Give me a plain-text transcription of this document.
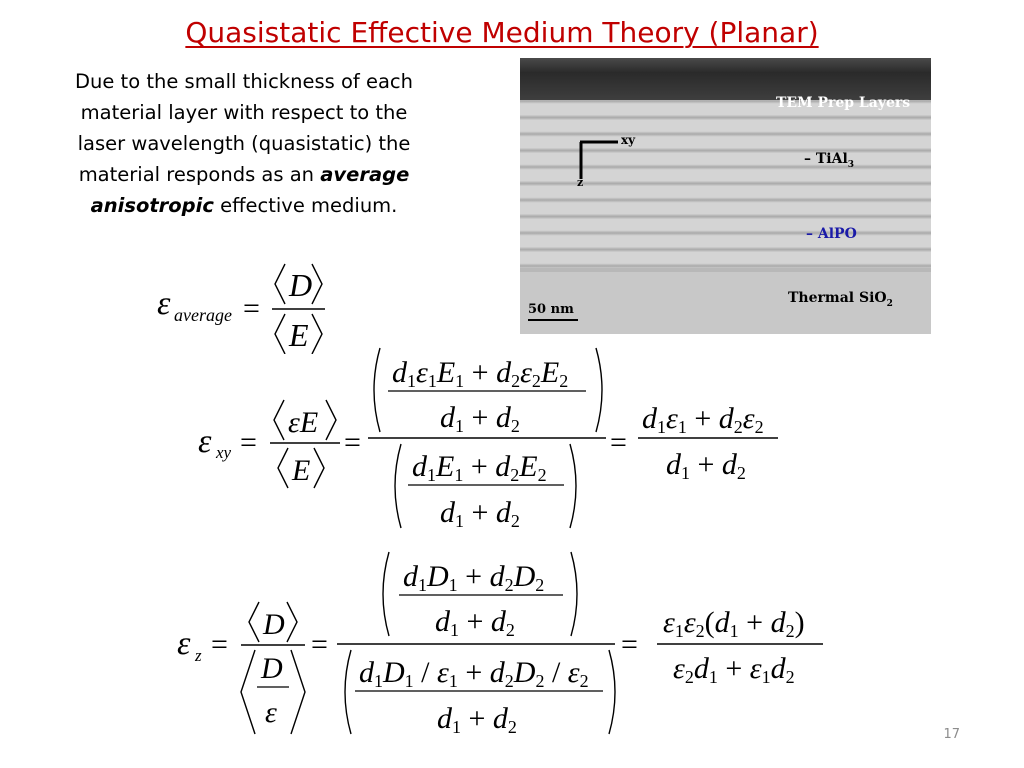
Quasistatic Effective Medium Theory (Planar)
Due to the small thickness of each material layer with respect to the laser wavelength (quasistatic) the material responds as an average anisotropic effective medium.
TEM Prep Layers
xy
z
– TiAl$_3$
– AlPO
50 nm
Thermal SiO$_2$
ε average =
D
E
ε xy =
εE
E
=
d1ε1E1 + d2ε2E2
d1 + d2
d1E1 + d2E2
d1 + d2
=
d1ε1 + d2ε2
d1 + d2
ε z =
D
D
ε
=
d1D1 + d2D2
d1 + d2
d1D1 / ε1 + d2D2 / ε2
d1 + d2
=
ε1ε2(d1 + d2)
ε2d1 + ε1d2
17
